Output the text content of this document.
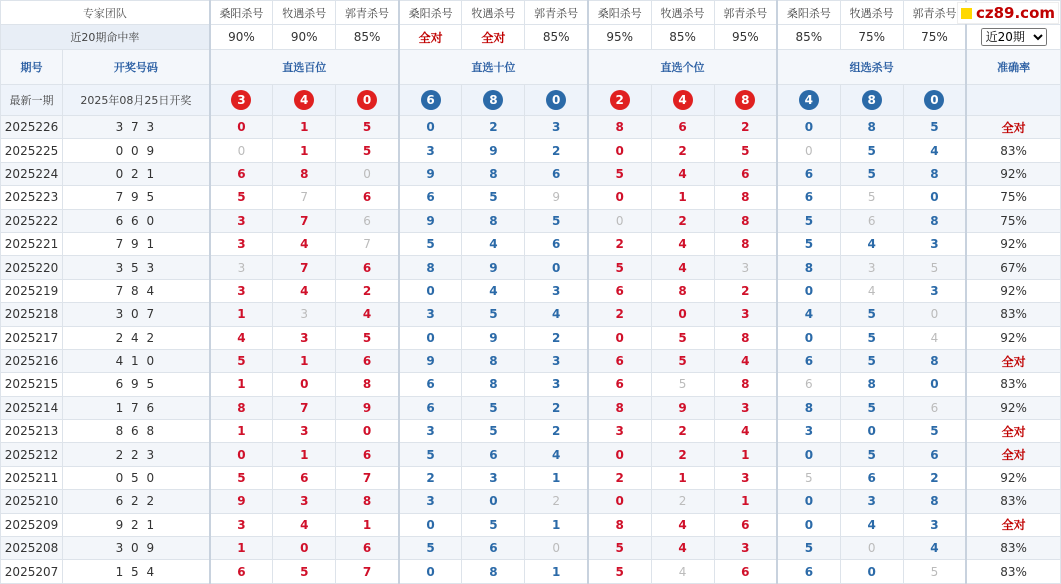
专家团队		桑阳杀号	牧遇杀号	郭青杀号	桑阳杀号	牧遇杀号	郭青杀号	桑阳杀号	牧遇杀号	郭青杀号	桑阳杀号	牧遇杀号	郭青杀号	
近20期命中率		90%	90%	85%	全对	全对	85%	95%	85%	95%	85%	75%	75%	
近20期
期号	开奖号码	直选百位			直选十位			直选个位			组选杀号			准确率
最新一期	2025年08月25日开奖	3	4	0	6	8	0	2	4	8	4	8	0	
2025226	3 7 3	0	1	5	0	2	3	8	6	2	0	8	5	全对
2025225	0 0 9	0	1	5	3	9	2	0	2	5	0	5	4	83%
2025224	0 2 1	6	8	0	9	8	6	5	4	6	6	5	8	92%
2025223	7 9 5	5	7	6	6	5	9	0	1	8	6	5	0	75%
2025222	6 6 0	3	7	6	9	8	5	0	2	8	5	6	8	75%
2025221	7 9 1	3	4	7	5	4	6	2	4	8	5	4	3	92%
2025220	3 5 3	3	7	6	8	9	0	5	4	3	8	3	5	67%
2025219	7 8 4	3	4	2	0	4	3	6	8	2	0	4	3	92%
2025218	3 0 7	1	3	4	3	5	4	2	0	3	4	5	0	83%
2025217	2 4 2	4	3	5	0	9	2	0	5	8	0	5	4	92%
2025216	4 1 0	5	1	6	9	8	3	6	5	4	6	5	8	全对
2025215	6 9 5	1	0	8	6	8	3	6	5	8	6	8	0	83%
2025214	1 7 6	8	7	9	6	5	2	8	9	3	8	5	6	92%
2025213	8 6 8	1	3	0	3	5	2	3	2	4	3	0	5	全对
2025212	2 2 3	0	1	6	5	6	4	0	2	1	0	5	6	全对
2025211	0 5 0	5	6	7	2	3	1	2	1	3	5	6	2	92%
2025210	6 2 2	9	3	8	3	0	2	0	2	1	0	3	8	83%
2025209	9 2 1	3	4	1	0	5	1	8	4	6	0	4	3	全对
2025208	3 0 9	1	0	6	5	6	0	5	4	3	5	0	4	83%
2025207	1 5 4	6	5	7	0	8	1	5	4	6	6	0	5	83%
cz89.com
